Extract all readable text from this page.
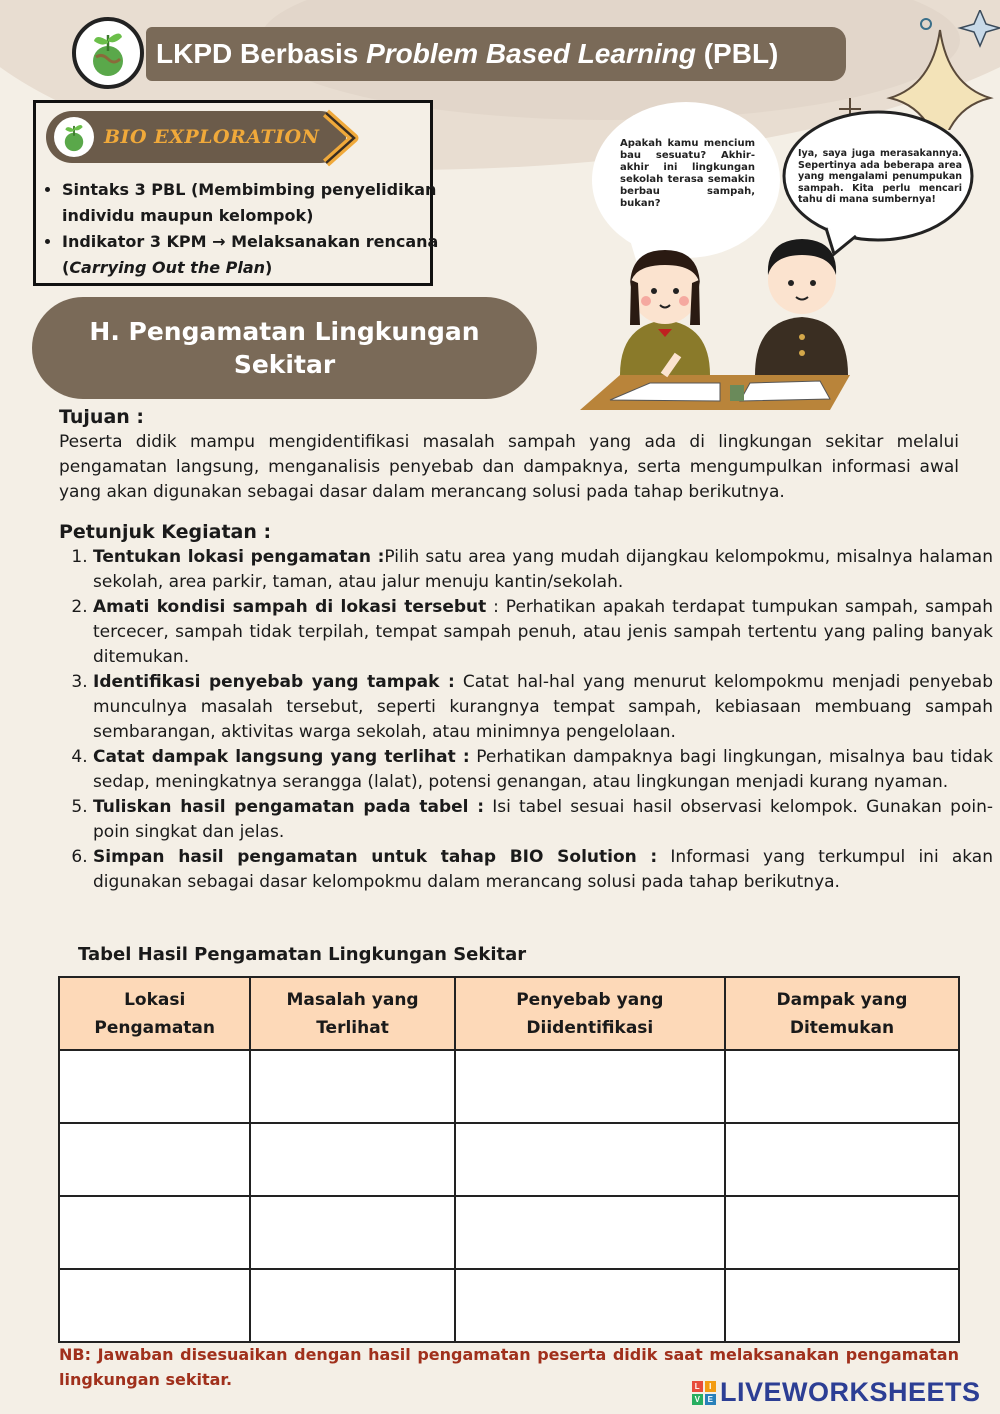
LKPD Berbasis Problem Based Learning (PBL)
BIO EXPLORATION
• Sintaks 3 PBL (Membimbing penyelidikan individu maupun kelompok)
• Indikator 3 KPM → Melaksanakan rencana (Carrying Out the Plan)
H. Pengamatan Lingkungan Sekitar
Apakah kamu mencium bau sesuatu? Akhir-akhir ini lingkungan sekolah terasa semakin berbau sampah, bukan?
Iya, saya juga merasakannya. Sepertinya ada beberapa area yang mengalami penumpukan sampah. Kita perlu mencari tahu di mana sumbernya!
Tujuan :
Peserta didik mampu mengidentifikasi masalah sampah yang ada di lingkungan sekitar melalui pengamatan langsung, menganalisis penyebab dan dampaknya, serta mengumpulkan informasi awal yang akan digunakan sebagai dasar dalam merancang solusi pada tahap berikutnya.
Petunjuk Kegiatan :
1. Tentukan lokasi pengamatan :Pilih satu area yang mudah dijangkau kelompokmu, misalnya halaman sekolah, area parkir, taman, atau jalur menuju kantin/sekolah.
2. Amati kondisi sampah di lokasi tersebut : Perhatikan apakah terdapat tumpukan sampah, sampah tercecer, sampah tidak terpilah, tempat sampah penuh, atau jenis sampah tertentu yang paling banyak ditemukan.
3. Identifikasi penyebab yang tampak : Catat hal-hal yang menurut kelompokmu menjadi penyebab munculnya masalah tersebut, seperti kurangnya tempat sampah, kebiasaan membuang sampah sembarangan, aktivitas warga sekolah, atau minimnya pengelolaan.
4. Catat dampak langsung yang terlihat : Perhatikan dampaknya bagi lingkungan, misalnya bau tidak sedap, meningkatnya serangga (lalat), potensi genangan, atau lingkungan menjadi kurang nyaman.
5. Tuliskan hasil pengamatan pada tabel : Isi tabel sesuai hasil observasi kelompok. Gunakan poin-poin singkat dan jelas.
6. Simpan hasil pengamatan untuk tahap BIO Solution : Informasi yang terkumpul ini akan digunakan sebagai dasar kelompokmu dalam merancang solusi pada tahap berikutnya.
Tabel Hasil Pengamatan Lingkungan Sekitar
Lokasi Pengamatan	Masalah yang Terlihat	Penyebab yang Diidentifikasi	Dampak yang Ditemukan

NB: Jawaban disesuaikan dengan hasil pengamatan peserta didik saat melaksanakan pengamatan lingkungan sekitar.	L	I
V E LIVEWORKSHEETS
